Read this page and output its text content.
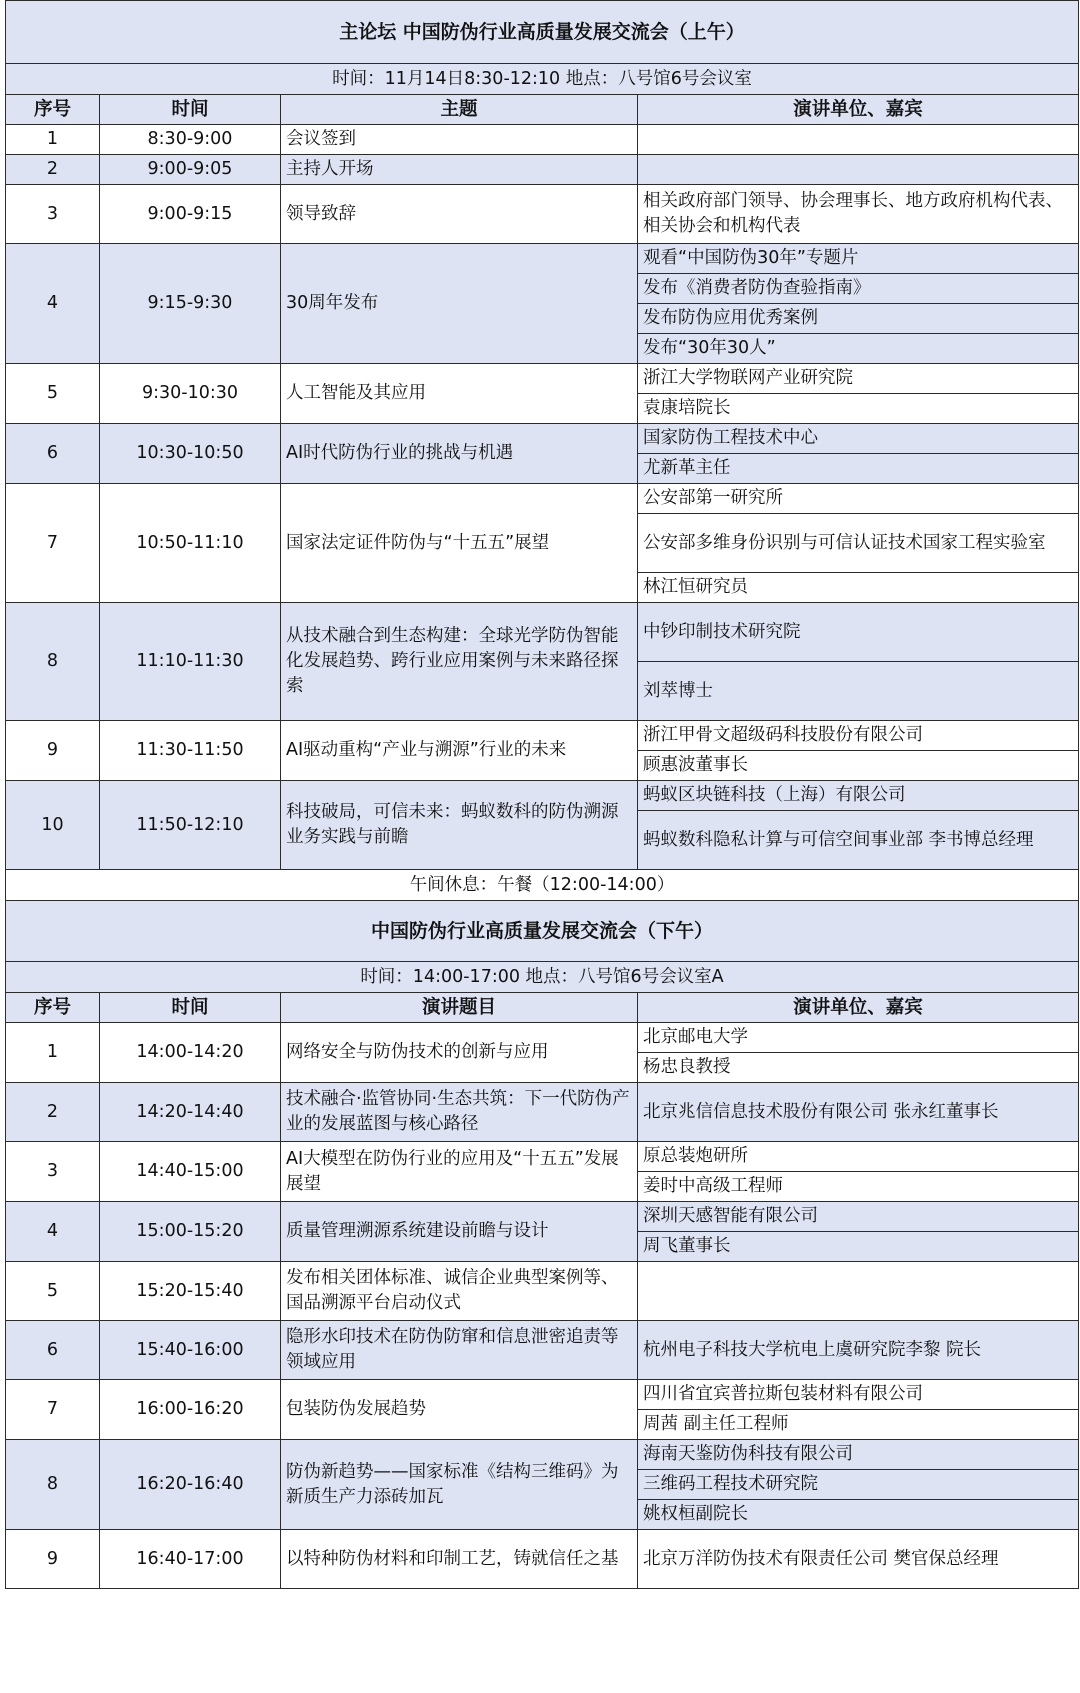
主论坛 中国防伪行业高质量发展交流会（上午）			
时间：11月14日8:30-12:10 地点：八号馆6号会议室			
序号	时间	主题	演讲单位、嘉宾
1	8:30-9:00	会议签到	
2	9:00-9:05	主持人开场	
3	9:00-9:15	领导致辞	相关政府部门领导、协会理事长、地方政府机构代表、相关协会和机构代表
4	9:15-9:30	30周年发布	观看“中国防伪30年”专题片
			发布《消费者防伪查验指南》
			发布防伪应用优秀案例
			发布“30年30人”
5	9:30-10:30	人工智能及其应用	浙江大学物联网产业研究院
			袁康培院长
6	10:30-10:50	AI时代防伪行业的挑战与机遇	国家防伪工程技术中心
			尤新革主任
7	10:50-11:10	国家法定证件防伪与“十五五”展望	公安部第一研究所
			公安部多维身份识别与可信认证技术国家工程实验室
			林江恒研究员
8	11:10-11:30	从技术融合到生态构建：全球光学防伪智能化发展趋势、跨行业应用案例与未来路径探索	中钞印制技术研究院
			刘萃博士
9	11:30-11:50	AI驱动重构“产业与溯源”行业的未来	浙江甲骨文超级码科技股份有限公司
			顾惠波董事长
10	11:50-12:10	科技破局，可信未来：蚂蚁数科的防伪溯源业务实践与前瞻	蚂蚁区块链科技（上海）有限公司
			蚂蚁数科隐私计算与可信空间事业部 李书博总经理
午间休息：午餐（12:00-14:00）			
中国防伪行业高质量发展交流会（下午）			
时间：14:00-17:00 地点：八号馆6号会议室A			
序号	时间	演讲题目	演讲单位、嘉宾
1	14:00-14:20	网络安全与防伪技术的创新与应用	北京邮电大学
			杨忠良教授
2	14:20-14:40	技术融合·监管协同·生态共筑：下一代防伪产业的发展蓝图与核心路径	北京兆信信息技术股份有限公司 张永红董事长
3	14:40-15:00	AI大模型在防伪行业的应用及“十五五”发展展望	原总装炮研所
			姜时中高级工程师
4	15:00-15:20	质量管理溯源系统建设前瞻与设计	深圳天感智能有限公司
			周飞董事长
5	15:20-15:40	发布相关团体标准、诚信企业典型案例等、国品溯源平台启动仪式	
6	15:40-16:00	隐形水印技术在防伪防窜和信息泄密追责等领域应用	杭州电子科技大学杭电上虞研究院李黎 院长
7	16:00-16:20	包装防伪发展趋势	四川省宜宾普拉斯包装材料有限公司
			周茜 副主任工程师
8	16:20-16:40	防伪新趋势——国家标准《结构三维码》为新质生产力添砖加瓦	海南天鉴防伪科技有限公司
			三维码工程技术研究院
			姚权桓副院长
9	16:40-17:00	以特种防伪材料和印制工艺，铸就信任之基	北京万洋防伪技术有限责任公司 樊官保总经理
